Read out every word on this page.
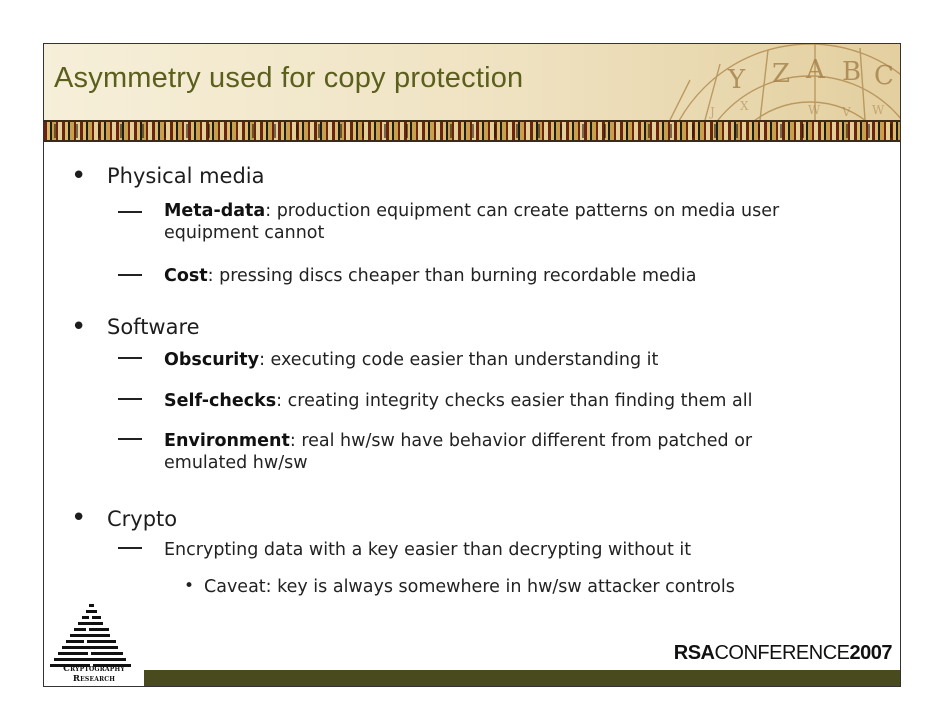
Asymmetry used for copy protection	Y Z A B C
J X	W V W
• Physical media
Meta-data: production equipment can create patterns on media user equipment cannot
Cost: pressing discs cheaper than burning recordable media
• Software
Obscurity: executing code easier than understanding it
Self-checks: creating integrity checks easier than finding them all
Environment: real hw/sw have behavior different from patched or emulated hw/sw
• Crypto
Encrypting data with a key easier than decrypting without it
• Caveat: key is always somewhere in hw/sw attacker controls
Cryptography Research
RSACONFERENCE2007
